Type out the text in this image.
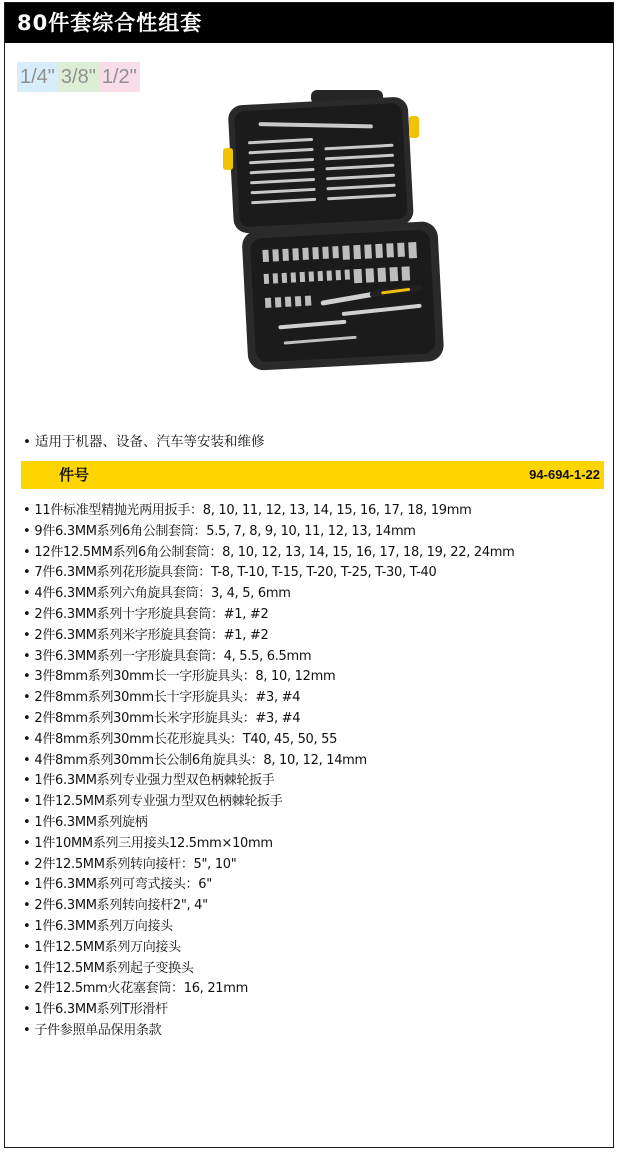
80件套综合性组套
1/4" 3/8" 1/2"
• 适用于机器、设备、汽车等安装和维修
件号	94-694-1-22
• 11件标准型精抛光两用扳手：8, 10, 11, 12, 13, 14, 15, 16, 17, 18, 19mm
• 9件6.3MM系列6角公制套筒：5.5, 7, 8, 9, 10, 11, 12, 13, 14mm
• 12件12.5MM系列6角公制套筒：8, 10, 12, 13, 14, 15, 16, 17, 18, 19, 22, 24mm
• 7件6.3MM系列花形旋具套筒：T-8, T-10, T-15, T-20, T-25, T-30, T-40
• 4件6.3MM系列六角旋具套筒：3, 4, 5, 6mm
• 2件6.3MM系列十字形旋具套筒：#1, #2
• 2件6.3MM系列米字形旋具套筒：#1, #2
• 3件6.3MM系列一字形旋具套筒：4, 5.5, 6.5mm
• 3件8mm系列30mm长一字形旋具头：8, 10, 12mm
• 2件8mm系列30mm长十字形旋具头：#3, #4
• 2件8mm系列30mm长米字形旋具头：#3, #4
• 4件8mm系列30mm长花形旋具头：T40, 45, 50, 55
• 4件8mm系列30mm长公制6角旋具头：8, 10, 12, 14mm
• 1件6.3MM系列专业强力型双色柄棘轮扳手
• 1件12.5MM系列专业强力型双色柄棘轮扳手
• 1件6.3MM系列旋柄
• 1件10MM系列三用接头12.5mm×10mm
• 2件12.5MM系列转向接杆：5", 10"
• 1件6.3MM系列可弯式接头：6"
• 2件6.3MM系列转向接杆2", 4"
• 1件6.3MM系列万向接头
• 1件12.5MM系列万向接头
• 1件12.5MM系列起子变换头
• 2件12.5mm火花塞套筒：16, 21mm
• 1件6.3MM系列T形滑杆
• 子件参照单品保用条款
